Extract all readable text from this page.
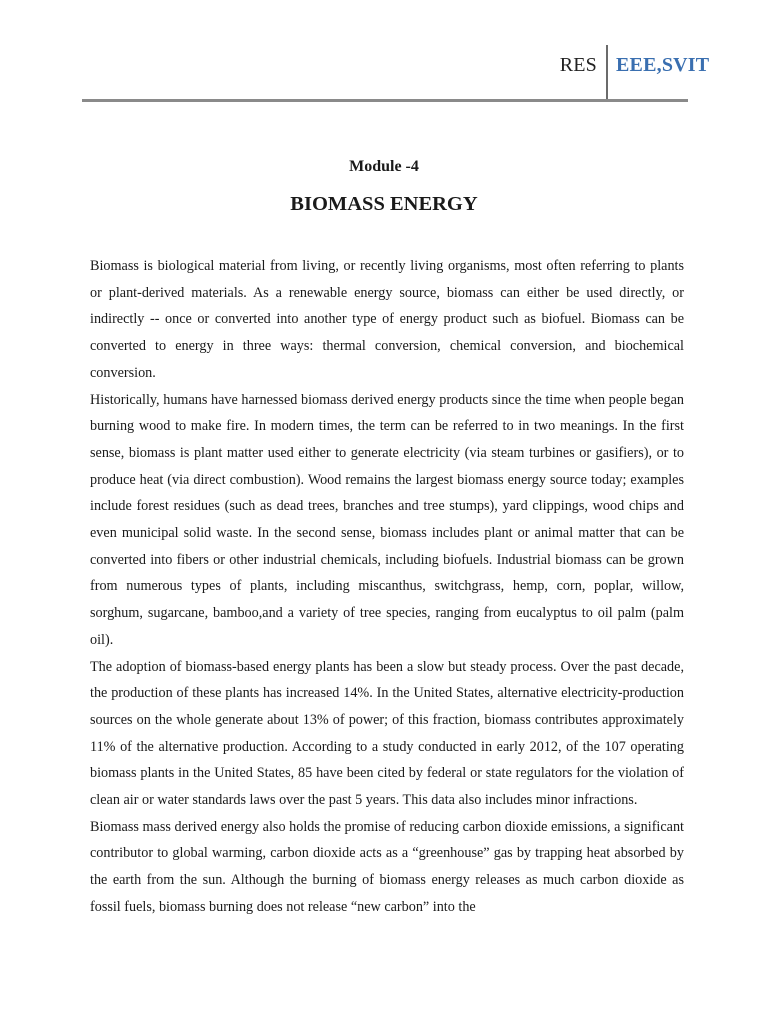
RES EEE,SVIT
Module -4
BIOMASS ENERGY

Biomass is biological material from living, or recently living organisms, most often referring to plants or plant-derived materials. As a renewable energy source, biomass can either be used directly, or indirectly -- once or converted into another type of energy product such as biofuel. Biomass can be converted to energy in three ways: thermal conversion, chemical conversion, and biochemical conversion.

Historically, humans have harnessed biomass derived energy products since the time when people began burning wood to make fire. In modern times, the term can be referred to in two meanings. In the first sense, biomass is plant matter used either to generate electricity (via steam turbines or gasifiers), or to produce heat (via direct combustion). Wood remains the largest biomass energy source today; examples include forest residues (such as dead trees, branches and tree stumps), yard clippings, wood chips and even municipal solid waste. In the second sense, biomass includes plant or animal matter that can be converted into fibers or other industrial chemicals, including biofuels. Industrial biomass can be grown from numerous types of plants, including miscanthus, switchgrass, hemp, corn, poplar, willow, sorghum, sugarcane, bamboo,and a variety of tree species, ranging from eucalyptus to oil palm (palm oil).

The adoption of biomass-based energy plants has been a slow but steady process. Over the past decade, the production of these plants has increased 14%. In the United States, alternative electricity-production sources on the whole generate about 13% of power; of this fraction, biomass contributes approximately 11% of the alternative production. According to a study conducted in early 2012, of the 107 operating biomass plants in the United States, 85 have been cited by federal or state regulators for the violation of clean air or water standards laws over the past 5 years. This data also includes minor infractions.

Biomass mass derived energy also holds the promise of reducing carbon dioxide emissions, a significant contributor to global warming, carbon dioxide acts as a “greenhouse” gas by trapping heat absorbed by the earth from the sun. Although the burning of biomass energy releases as much carbon dioxide as fossil fuels, biomass burning does not release “new carbon” into the
